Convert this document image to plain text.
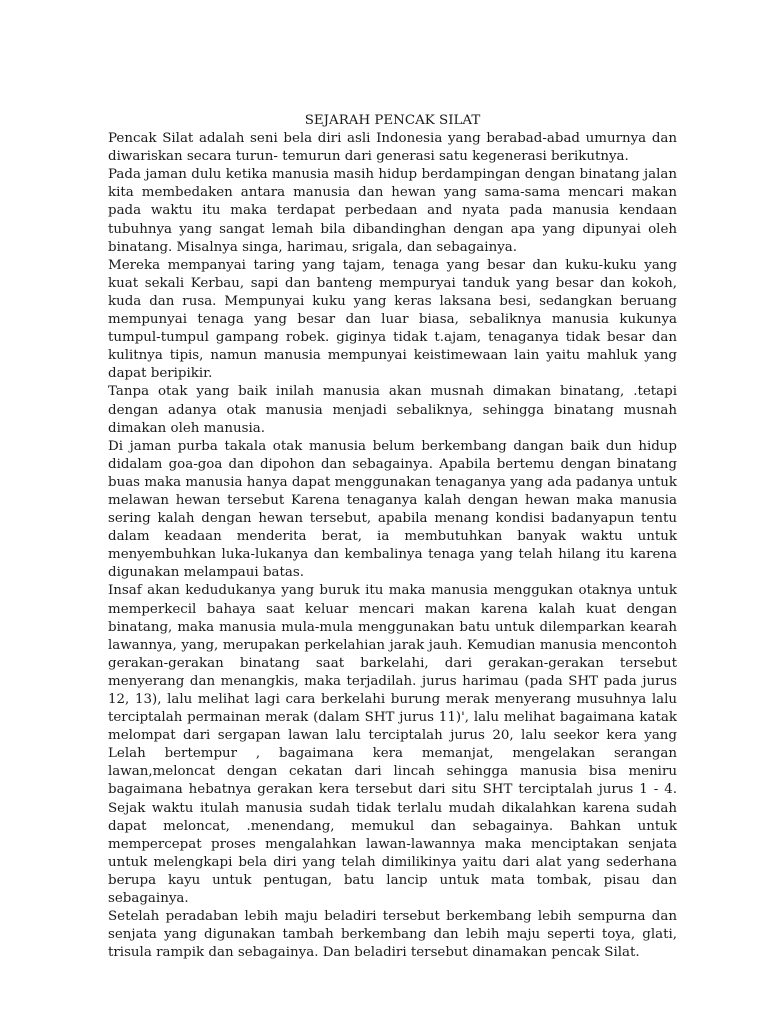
SEJARAH PENCAK SILAT

Pencak Silat adalah seni bela diri asli Indonesia yang berabad-abad umurnya dan diwariskan secara turun- temurun dari generasi satu kegenerasi berikutnya.

Pada jaman dulu ketika manusia masih hidup berdampingan dengan binatang jalan kita membedaken antara manusia dan hewan yang sama-sama mencari makan pada waktu itu maka terdapat perbedaan and nyata pada manusia kendaan tubuhnya yang sangat lemah bila dibandinghan dengan apa yang dipunyai oleh binatang. Misalnya singa, harimau, srigala, dan sebagainya.

Mereka mempanyai taring yang tajam, tenaga yang besar dan kuku-kuku yang kuat sekali Kerbau, sapi dan banteng mempuryai tanduk yang besar dan kokoh, kuda dan rusa. Mempunyai kuku yang keras laksana besi, sedangkan beruang mempunyai tenaga yang besar dan luar biasa, sebaliknya manusia kukunya tumpul-tumpul gampang robek. giginya tidak t.ajam, tenaganya tidak besar dan kulitnya tipis, namun manusia mempunyai keistimewaan lain yaitu mahluk yang dapat beripikir.

Tanpa otak yang baik inilah manusia akan musnah dimakan binatang, .tetapi dengan adanya otak manusia menjadi sebaliknya, sehingga binatang musnah dimakan oleh manusia.

Di jaman purba takala otak manusia belum berkembang dangan baik dun hidup didalam goa-goa dan dipohon dan sebagainya. Apabila bertemu dengan binatang buas maka manusia hanya dapat menggunakan tenaganya yang ada padanya untuk melawan hewan tersebut Karena tenaganya kalah dengan hewan maka manusia sering kalah dengan hewan tersebut, apabila menang kondisi badanyapun tentu dalam keadaan menderita berat, ia membutuhkan banyak waktu untuk menyembuhkan luka-lukanya dan kembalinya tenaga yang telah hilang itu karena digunakan melampaui batas.

Insaf akan kedudukanya yang buruk itu maka manusia menggukan otaknya untuk memperkecil bahaya saat keluar mencari makan karena kalah kuat dengan binatang, maka manusia mula-mula menggunakan batu untuk dilemparkan kearah lawannya, yang, merupakan perkelahian jarak jauh. Kemudian manusia mencontoh gerakan-gerakan binatang saat barkelahi, dari gerakan-gerakan tersebut menyerang dan menangkis, maka terjadilah. jurus harimau (pada SHT pada jurus 12, 13), lalu melihat lagi cara berkelahi burung merak menyerang musuhnya lalu terciptalah permainan merak (dalam SHT jurus 11)', lalu melihat bagaimana katak melompat dari sergapan lawan lalu terciptalah jurus 20, lalu seekor kera yang Lelah bertempur , bagaimana kera memanjat, mengelakan serangan lawan,meloncat dengan cekatan dari lincah sehingga manusia bisa meniru bagaimana hebatnya gerakan kera tersebut dari situ SHT terciptalah jurus 1 - 4. Sejak waktu itulah manusia sudah tidak terlalu mudah dikalahkan karena sudah dapat meloncat, .menendang, memukul dan sebagainya. Bahkan untuk mempercepat proses mengalahkan lawan-lawannya maka menciptakan senjata untuk melengkapi bela diri yang telah dimilikinya yaitu dari alat yang sederhana berupa kayu untuk pentugan, batu lancip untuk mata tombak, pisau dan sebagainya.

Setelah peradaban lebih maju beladiri tersebut berkembang lebih sempurna dan senjata yang digunakan tambah berkembang dan lebih maju seperti toya, glati, trisula rampik dan sebagainya. Dan beladiri tersebut dinamakan pencak Silat.
